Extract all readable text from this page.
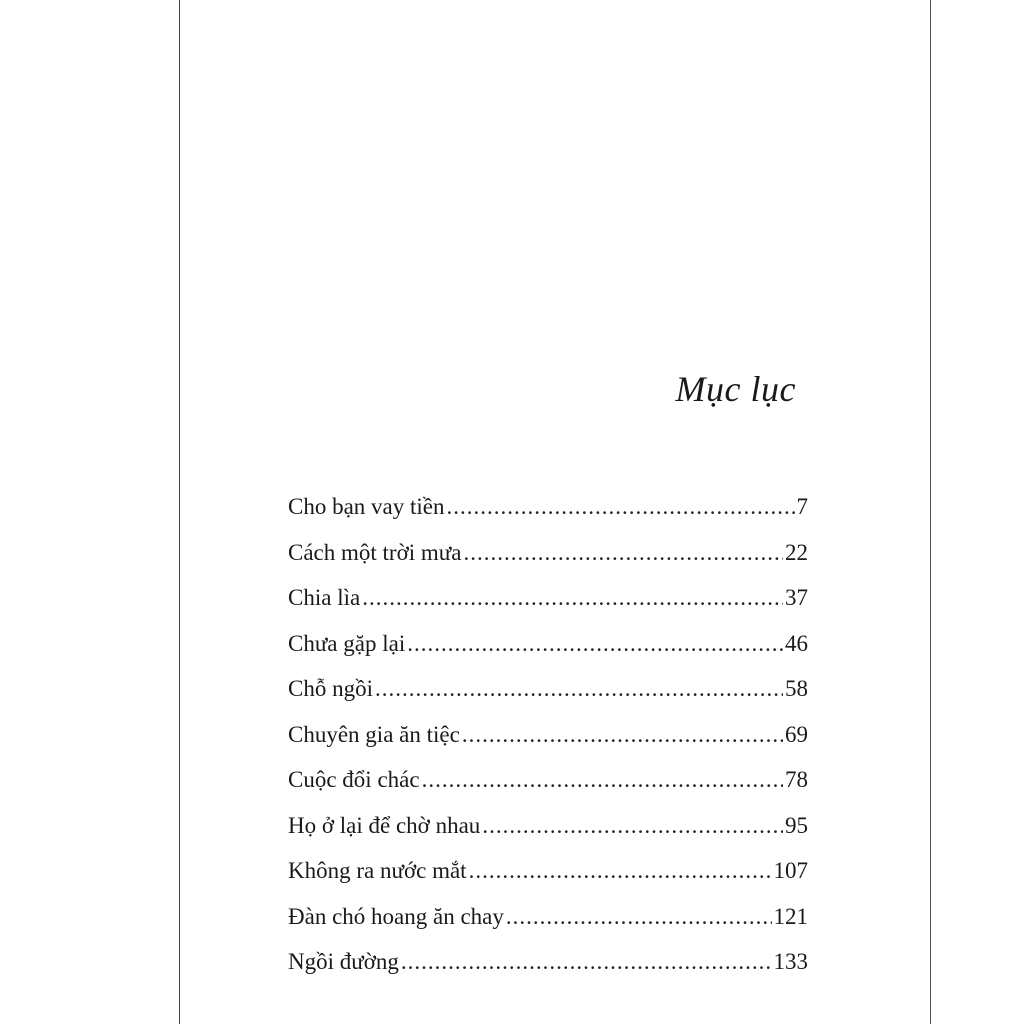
Mục lục
Cho bạn vay tiền .....	7
Cách một trời mưa .....	22
Chia lìa .....	37
Chưa gặp lại .....	46
Chỗ ngồi .....	58
Chuyên gia ăn tiệc .....	69
Cuộc đổi chác .....	78
Họ ở lại để chờ nhau .....	95
Không ra nước mắt .....	107
Đàn chó hoang ăn chay .....	121
Ngồi đường .....	133
